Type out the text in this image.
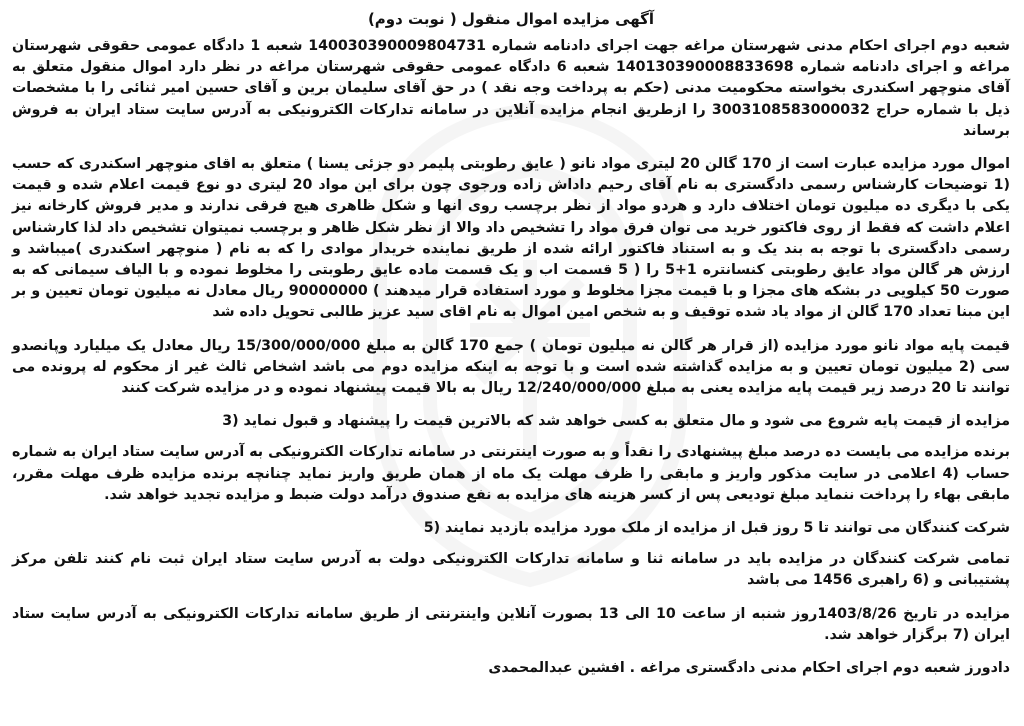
آگهی مزایده اموال منقول ( نوبت دوم)
شعبه دوم اجرای احکام مدنی شهرستان مراغه جهت اجرای دادنامه شماره 140030390009804731 شعبه 1 دادگاه عمومی حقوقی شهرستان مراغه و اجرای دادنامه شماره 140130390008833698 شعبه 6 دادگاه عمومی حقوقی شهرستان مراغه در نظر دارد اموال منقول متعلق به آقای منوچهر اسکندری بخواسته محکومیت مدنی (حکم به پرداخت وجه نقد ) در حق آقای سلیمان برین و آقای حسین امیر ثنائی را با مشخصات ذیل با شماره حراج 3003108583000032 را ازطریق انجام مزایده آنلاین در سامانه تدارکات الکترونیکی به آدرس سایت ستاد ایران به فروش برساند
اموال مورد مزایده عبارت است از 170 گالن 20 لیتری مواد نانو ( عایق رطوبتی پلیمر دو جزئی یسنا ) متعلق به اقای منوچهر اسکندری که حسب (1 توضیحات کارشناس رسمی دادگستری به نام آقای رحیم داداش زاده ورجوی چون برای این مواد 20 لیتری دو نوع قیمت اعلام شده و قیمت یکی با دیگری ده میلیون تومان اختلاف دارد و هردو مواد از نظر برچسب روی انها و شکل ظاهری هیچ فرقی ندارند و مدیر فروش کارخانه نیز اعلام داشت که فقط از روی فاکتور خرید می توان فرق مواد را تشخیص داد والا از نظر شکل ظاهر و برچسب نمیتوان تشخیص داد لذا کارشناس رسمی دادگستری با توجه به بند یک و به استناد فاکتور ارائه شده از طریق نماینده خریدار موادی را که به نام ( منوچهر اسکندری )میباشد و ارزش هر گالن مواد عایق رطوبتی کنسانتره 1+5 را ( 5 قسمت اب و یک قسمت ماده عایق رطوبتی را مخلوط نموده و با الیاف سیمانی که به صورت 50 کیلویی در بشکه های مجزا و با قیمت مجزا مخلوط و مورد استفاده قرار میدهند ) 90000000 ریال معادل نه میلیون تومان تعیین و بر این مبنا تعداد 170 گالن از مواد یاد شده توقیف و به شخص امین اموال به نام اقای سید عزیز طالبی تحویل داده شد
قیمت پایه مواد نانو مورد مزایده (از قرار هر گالن نه میلیون تومان ) جمع 170 گالن به مبلغ 15/300/000/000 ریال معادل یک میلیارد وپانصدو سی (2 میلیون تومان تعیین و به مزایده گذاشته شده است و با توجه به اینکه مزایده دوم می باشد اشخاص ثالث غیر از محکوم له پرونده می توانند تا 20 درصد زیر قیمت پایه مزایده یعنی به مبلغ 12/240/000/000 ریال به بالا قیمت پیشنهاد نموده و در مزایده شرکت کنند
مزایده از قیمت پایه شروع می شود و مال متعلق به کسی خواهد شد که بالاترین قیمت را پیشنهاد و قبول نماید (3
برنده مزایده می بایست ده درصد مبلغ پیشنهادی را نقداً و به صورت اینترنتی در سامانه تدارکات الکترونیکی به آدرس سایت ستاد ایران به شماره حساب (4 اعلامی در سایت مذکور واریز و مابقی را ظرف مهلت یک ماه از همان طریق واریز نماید چنانچه برنده مزایده ظرف مهلت مقرر، مابقی بهاء را پرداخت ننماید مبلغ تودیعی پس از کسر هزینه های مزایده به نفع صندوق درآمد دولت ضبط و مزایده تجدید خواهد شد.
شرکت کنندگان می توانند تا 5 روز قبل از مزایده از ملک مورد مزایده بازدید نمایند (5
تمامی شرکت کنندگان در مزایده باید در سامانه ثنا و سامانه تدارکات الکترونیکی دولت به آدرس سایت ستاد ایران ثبت نام کنند تلفن مرکز پشتیبانی و (6 راهبری 1456 می باشد
مزایده در تاریخ 1403/8/26روز شنبه از ساعت 10 الی 13 بصورت آنلاین واینترنتی از طریق سامانه تدارکات الکترونیکی به آدرس سایت ستاد ایران (7 برگزار خواهد شد.
دادورز شعبه دوم اجرای احکام مدنی دادگستری مراغه . افشین عبدالمحمدی
